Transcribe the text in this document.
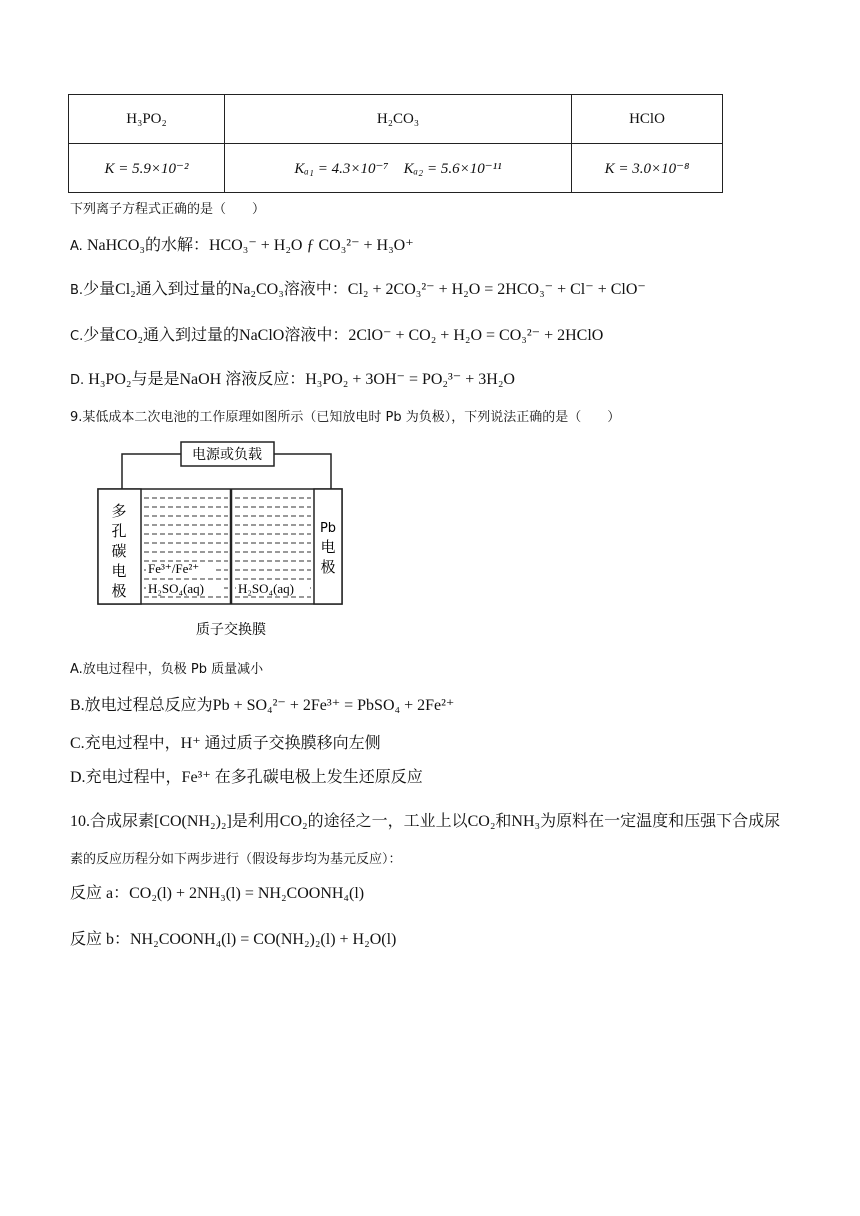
H₃PO₂	H₂CO₃	HClO
K = 5.9×10⁻²	Kₐ₁ = 4.3×10⁻⁷    Kₐ₂ = 5.6×10⁻¹¹	K = 3.0×10⁻⁸
下列离子方程式正确的是（　　）
A. NaHCO₃的水解：HCO₃⁻ + H₂O ƒ CO₃²⁻ + H₃O⁺
B.少量Cl₂通入到过量的Na₂CO₃溶液中：Cl₂ + 2CO₃²⁻ + H₂O = 2HCO₃⁻ + Cl⁻ + ClO⁻
C.少量CO₂通入到过量的NaClO溶液中：2ClO⁻ + CO₂ + H₂O = CO₃²⁻ + 2HClO
D. H₃PO₂与是是NaOH 溶液反应：H₃PO₂ + 3OH⁻ = PO₂³⁻ + 3H₂O
9.某低成本二次电池的工作原理如图所示（已知放电时 Pb 为负极），下列说法正确的是（　　）
电源或负载
多
孔
碳
电
极
Pb
电
极
Fe³⁺/Fe²⁺
H₂SO₄(aq)	H₂SO₄(aq)
质子交换膜
A.放电过程中，负极 Pb 质量减小
B.放电过程总反应为Pb + SO₄²⁻ + 2Fe³⁺ = PbSO₄ + 2Fe²⁺
C.充电过程中，H⁺ 通过质子交换膜移向左侧
D.充电过程中，Fe³⁺ 在多孔碳电极上发生还原反应
10.合成尿素[CO(NH₂)₂]是利用CO₂的途径之一，工业上以CO₂和NH₃为原料在一定温度和压强下合成尿
素的反应历程分如下两步进行（假设每步均为基元反应）：
反应 a：CO₂(l) + 2NH₃(l) = NH₂COONH₄(l)
反应 b：NH₂COONH₄(l) = CO(NH₂)₂(l) + H₂O(l)
